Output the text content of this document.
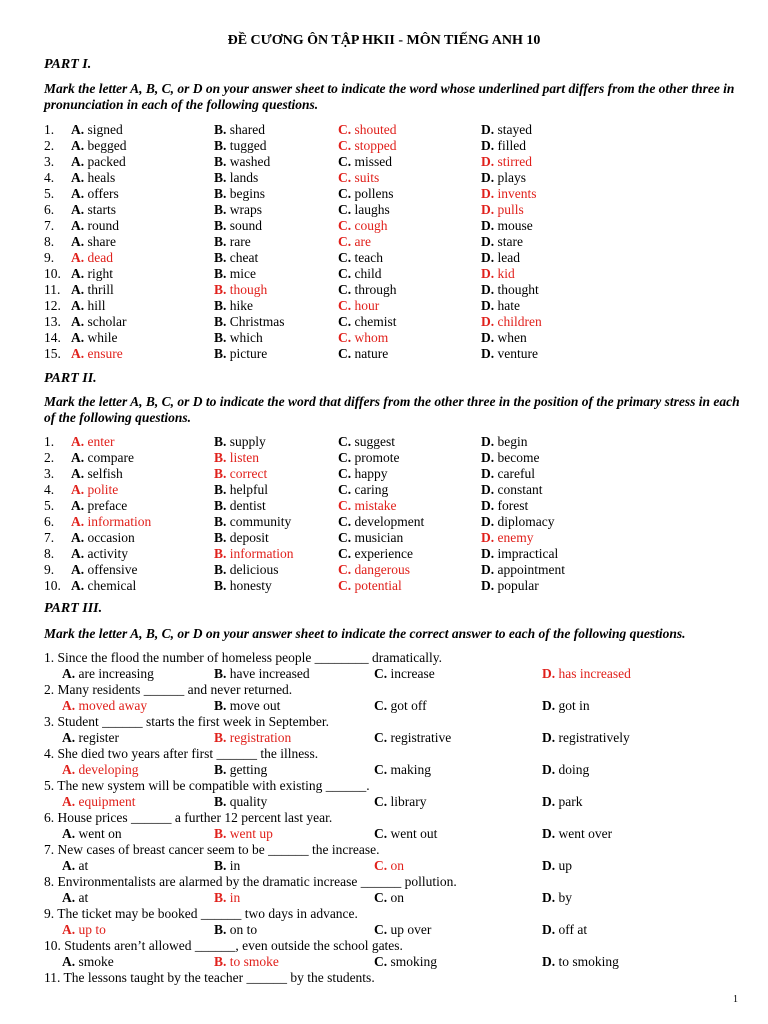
ĐỀ CƯƠNG ÔN TẬP HKII - MÔN TIẾNG ANH 10
PART I.
Mark the letter A, B, C, or D on your answer sheet to indicate the word whose underlined part differs from the other three in pronunciation in each of the following questions.
1. A. signed	B. shared	C. shouted	D. stayed
2. A. begged	B. tugged	C. stopped	D. filled
3. A. packed	B. washed	C. missed	D. stirred
4. A. heals	B. lands	C. suits	D. plays
5. A. offers	B. begins	C. pollens	D. invents
6. A. starts	B. wraps	C. laughs	D. pulls
7. A. round	B. sound	C. cough	D. mouse
8. A. share	B. rare	C. are	D. stare
9. A. dead	B. cheat	C. teach	D. lead
10. A. right	B. mice	C. child	D. kid
11. A. thrill	B. though	C. through	D. thought
12. A. hill	B. hike	C. hour	D. hate
13. A. scholar	B. Christmas	C. chemist	D. children
14. A. while	B. which	C. whom	D. when
15. A. ensure	B. picture	C. nature	D. venture
PART II.
Mark the letter A, B, C, or D to indicate the word that differs from the other three in the position of the primary stress in each of the following questions.
1. A. enter	B. supply	C. suggest	D. begin
2. A. compare	B. listen	C. promote	D. become
3. A. selfish	B. correct	C. happy	D. careful
4. A. polite	B. helpful	C. caring	D. constant
5. A. preface	B. dentist	C. mistake	D. forest
6. A. information	B. community	C. development	D. diplomacy
7. A. occasion	B. deposit	C. musician	D. enemy
8. A. activity	B. information	C. experience	D. impractical
9. A. offensive	B. delicious	C. dangerous	D. appointment
10. A. chemical	B. honesty	C. potential	D. popular
PART III.
Mark the letter A, B, C, or D on your answer sheet to indicate the correct answer to each of the following questions.
1. Since the flood the number of homeless people ________ dramatically.
A. are increasing	B. have increased	C. increase	D. has increased
2. Many residents ______ and never returned.
A. moved away	B. move out	C. got off	D. got in
3. Student ______ starts the first week in September.
A. register	B. registration	C. registrative	D. registratively
4. She died two years after first ______ the illness.
A. developing	B. getting	C. making	D. doing
5. The new system will be compatible with existing ______.
A. equipment	B. quality	C. library	D. park
6. House prices ______ a further 12 percent last year.
A. went on	B. went up	C. went out	D. went over
7. New cases of breast cancer seem to be ______ the increase.
A. at	B. in	C. on	D. up
8. Environmentalists are alarmed by the dramatic increase ______ pollution.
A. at	B. in	C. on	D. by
9. The ticket may be booked ______ two days in advance.
A. up to	B. on to	C. up over	D. off at
10. Students aren’t allowed ______, even outside the school gates.
A. smoke	B. to smoke	C. smoking	D. to smoking
11. The lessons taught by the teacher ______ by the students.
1
